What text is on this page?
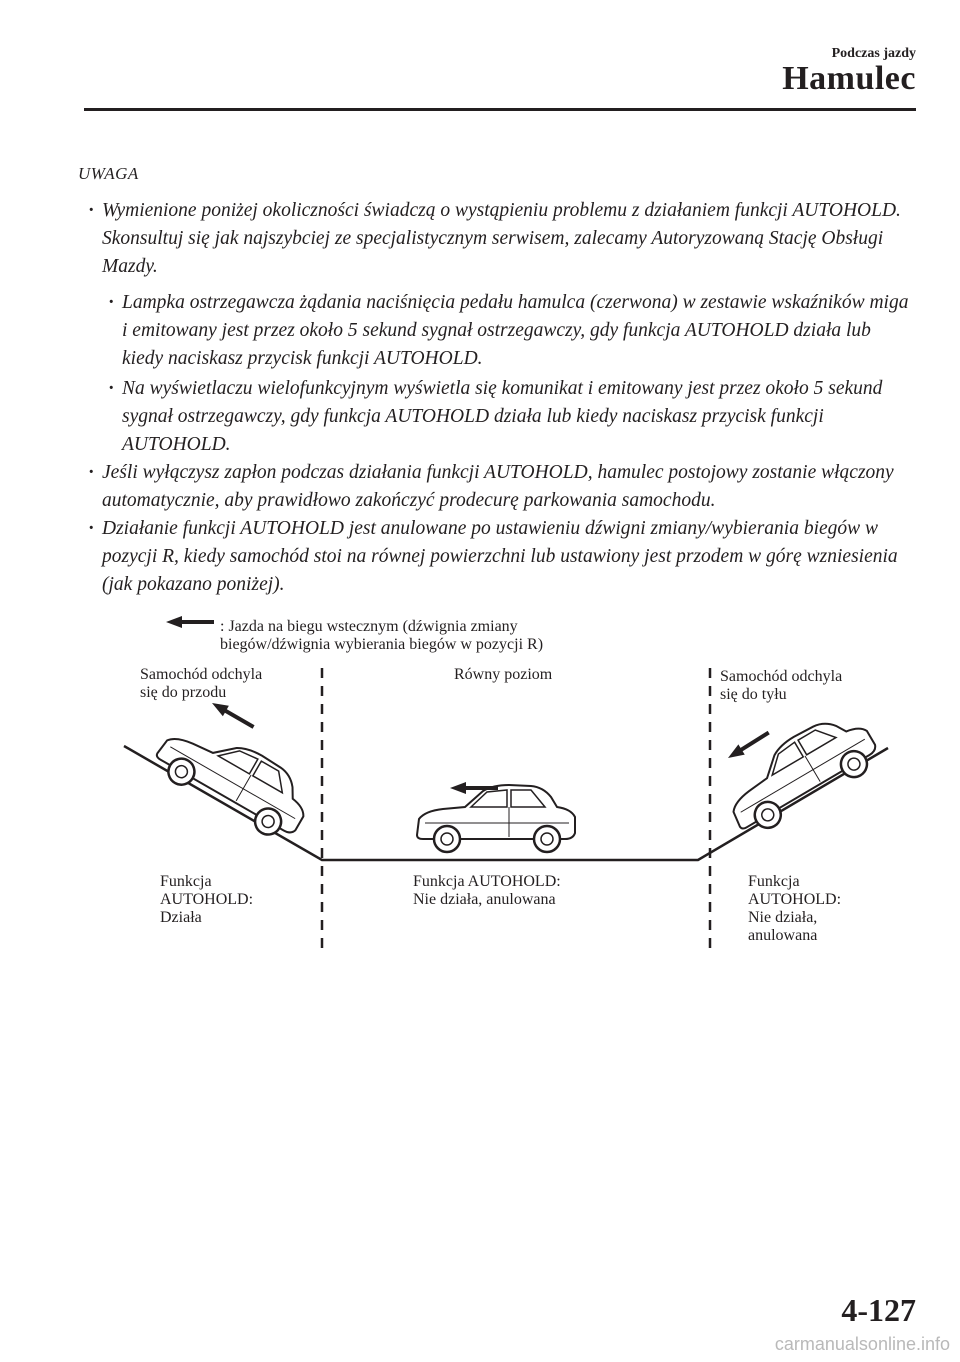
Podczas jazdy
Hamulec
UWAGA
· Wymienione poniżej okoliczności świadczą o wystąpieniu problemu z działaniem funkcji AUTOHOLD. Skonsultuj się jak najszybciej ze specjalistycznym serwisem, zalecamy Autoryzowaną Stację Obsługi Mazdy.
· Lampka ostrzegawcza żądania naciśnięcia pedału hamulca (czerwona) w zestawie wskaźników miga i emitowany jest przez około 5 sekund sygnał ostrzegawczy, gdy funkcja AUTOHOLD działa lub kiedy naciskasz przycisk funkcji AUTOHOLD.
· Na wyświetlaczu wielofunkcyjnym wyświetla się komunikat i emitowany jest przez około 5 sekund sygnał ostrzegawczy, gdy funkcja AUTOHOLD działa lub kiedy naciskasz przycisk funkcji AUTOHOLD.
· Jeśli wyłączysz zapłon podczas działania funkcji AUTOHOLD, hamulec postojowy zostanie włączony automatycznie, aby prawidłowo zakończyć prodecurę parkowania samochodu.
· Działanie funkcji AUTOHOLD jest anulowane po ustawieniu dźwigni zmiany/wybierania biegów w pozycji R, kiedy samochód stoi na równej powierzchni lub ustawiony jest przodem w górę wzniesienia (jak pokazano poniżej).
: Jazda na biegu wstecznym (dźwignia zmiany
biegów/dźwignia wybierania biegów w pozycji R)
Samochód odchyla
się do przodu
Równy poziom	Samochód odchyla
się do tyłu
Funkcja
AUTOHOLD:
Działa
Funkcja AUTOHOLD:
Nie działa, anulowana
Funkcja
AUTOHOLD:
Nie działa,
anulowana
4-127
carmanualsonline.info
